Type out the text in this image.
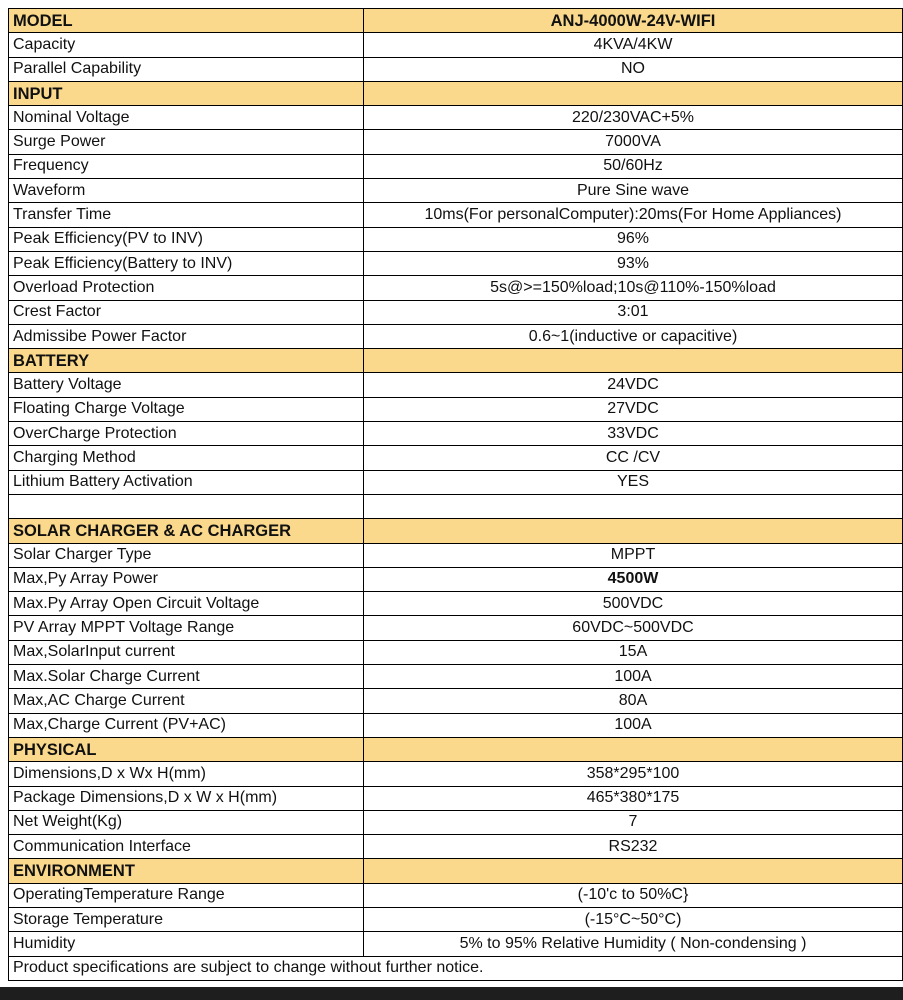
MODEL	ANJ-4000W-24V-WIFI
Capacity	4KVA/4KW
Parallel Capability	NO
INPUT	
Nominal Voltage	220/230VAC+5%
Surge Power	7000VA
Frequency	50/60Hz
Waveform	Pure Sine wave
Transfer Time	10ms(For personalComputer):20ms(For Home Appliances)
Peak Efficiency(PV to INV)	96%
Peak Efficiency(Battery to INV)	93%
Overload Protection	5s@>=150%load;10s@110%-150%load
Crest Factor	3:01
Admissibe Power Factor	0.6~1(inductive or capacitive)
BATTERY	
Battery Voltage	24VDC
Floating Charge Voltage	27VDC
OverCharge Protection	33VDC
Charging Method	CC /CV
Lithium Battery Activation	YES

SOLAR CHARGER & AC CHARGER	
Solar Charger Type	MPPT
Max,Py Array Power	4500W
Max.Py Array Open Circuit Voltage	500VDC
PV Array MPPT Voltage Range	60VDC~500VDC
Max,SolarInput current	15A
Max.Solar Charge Current	100A
Max,AC Charge Current	80A
Max,Charge Current (PV+AC)	100A
PHYSICAL	
Dimensions,D x Wx H(mm)	358*295*100
Package Dimensions,D x W x H(mm)	465*380*175
Net Weight(Kg)	7
Communication Interface	RS232
ENVIRONMENT	
OperatingTemperature Range	(-10'c to 50%C}
Storage Temperature	(-15°C~50°C)
Humidity	5% to 95% Relative Humidity ( Non-condensing )
Product specifications are subject to change without further notice.	
